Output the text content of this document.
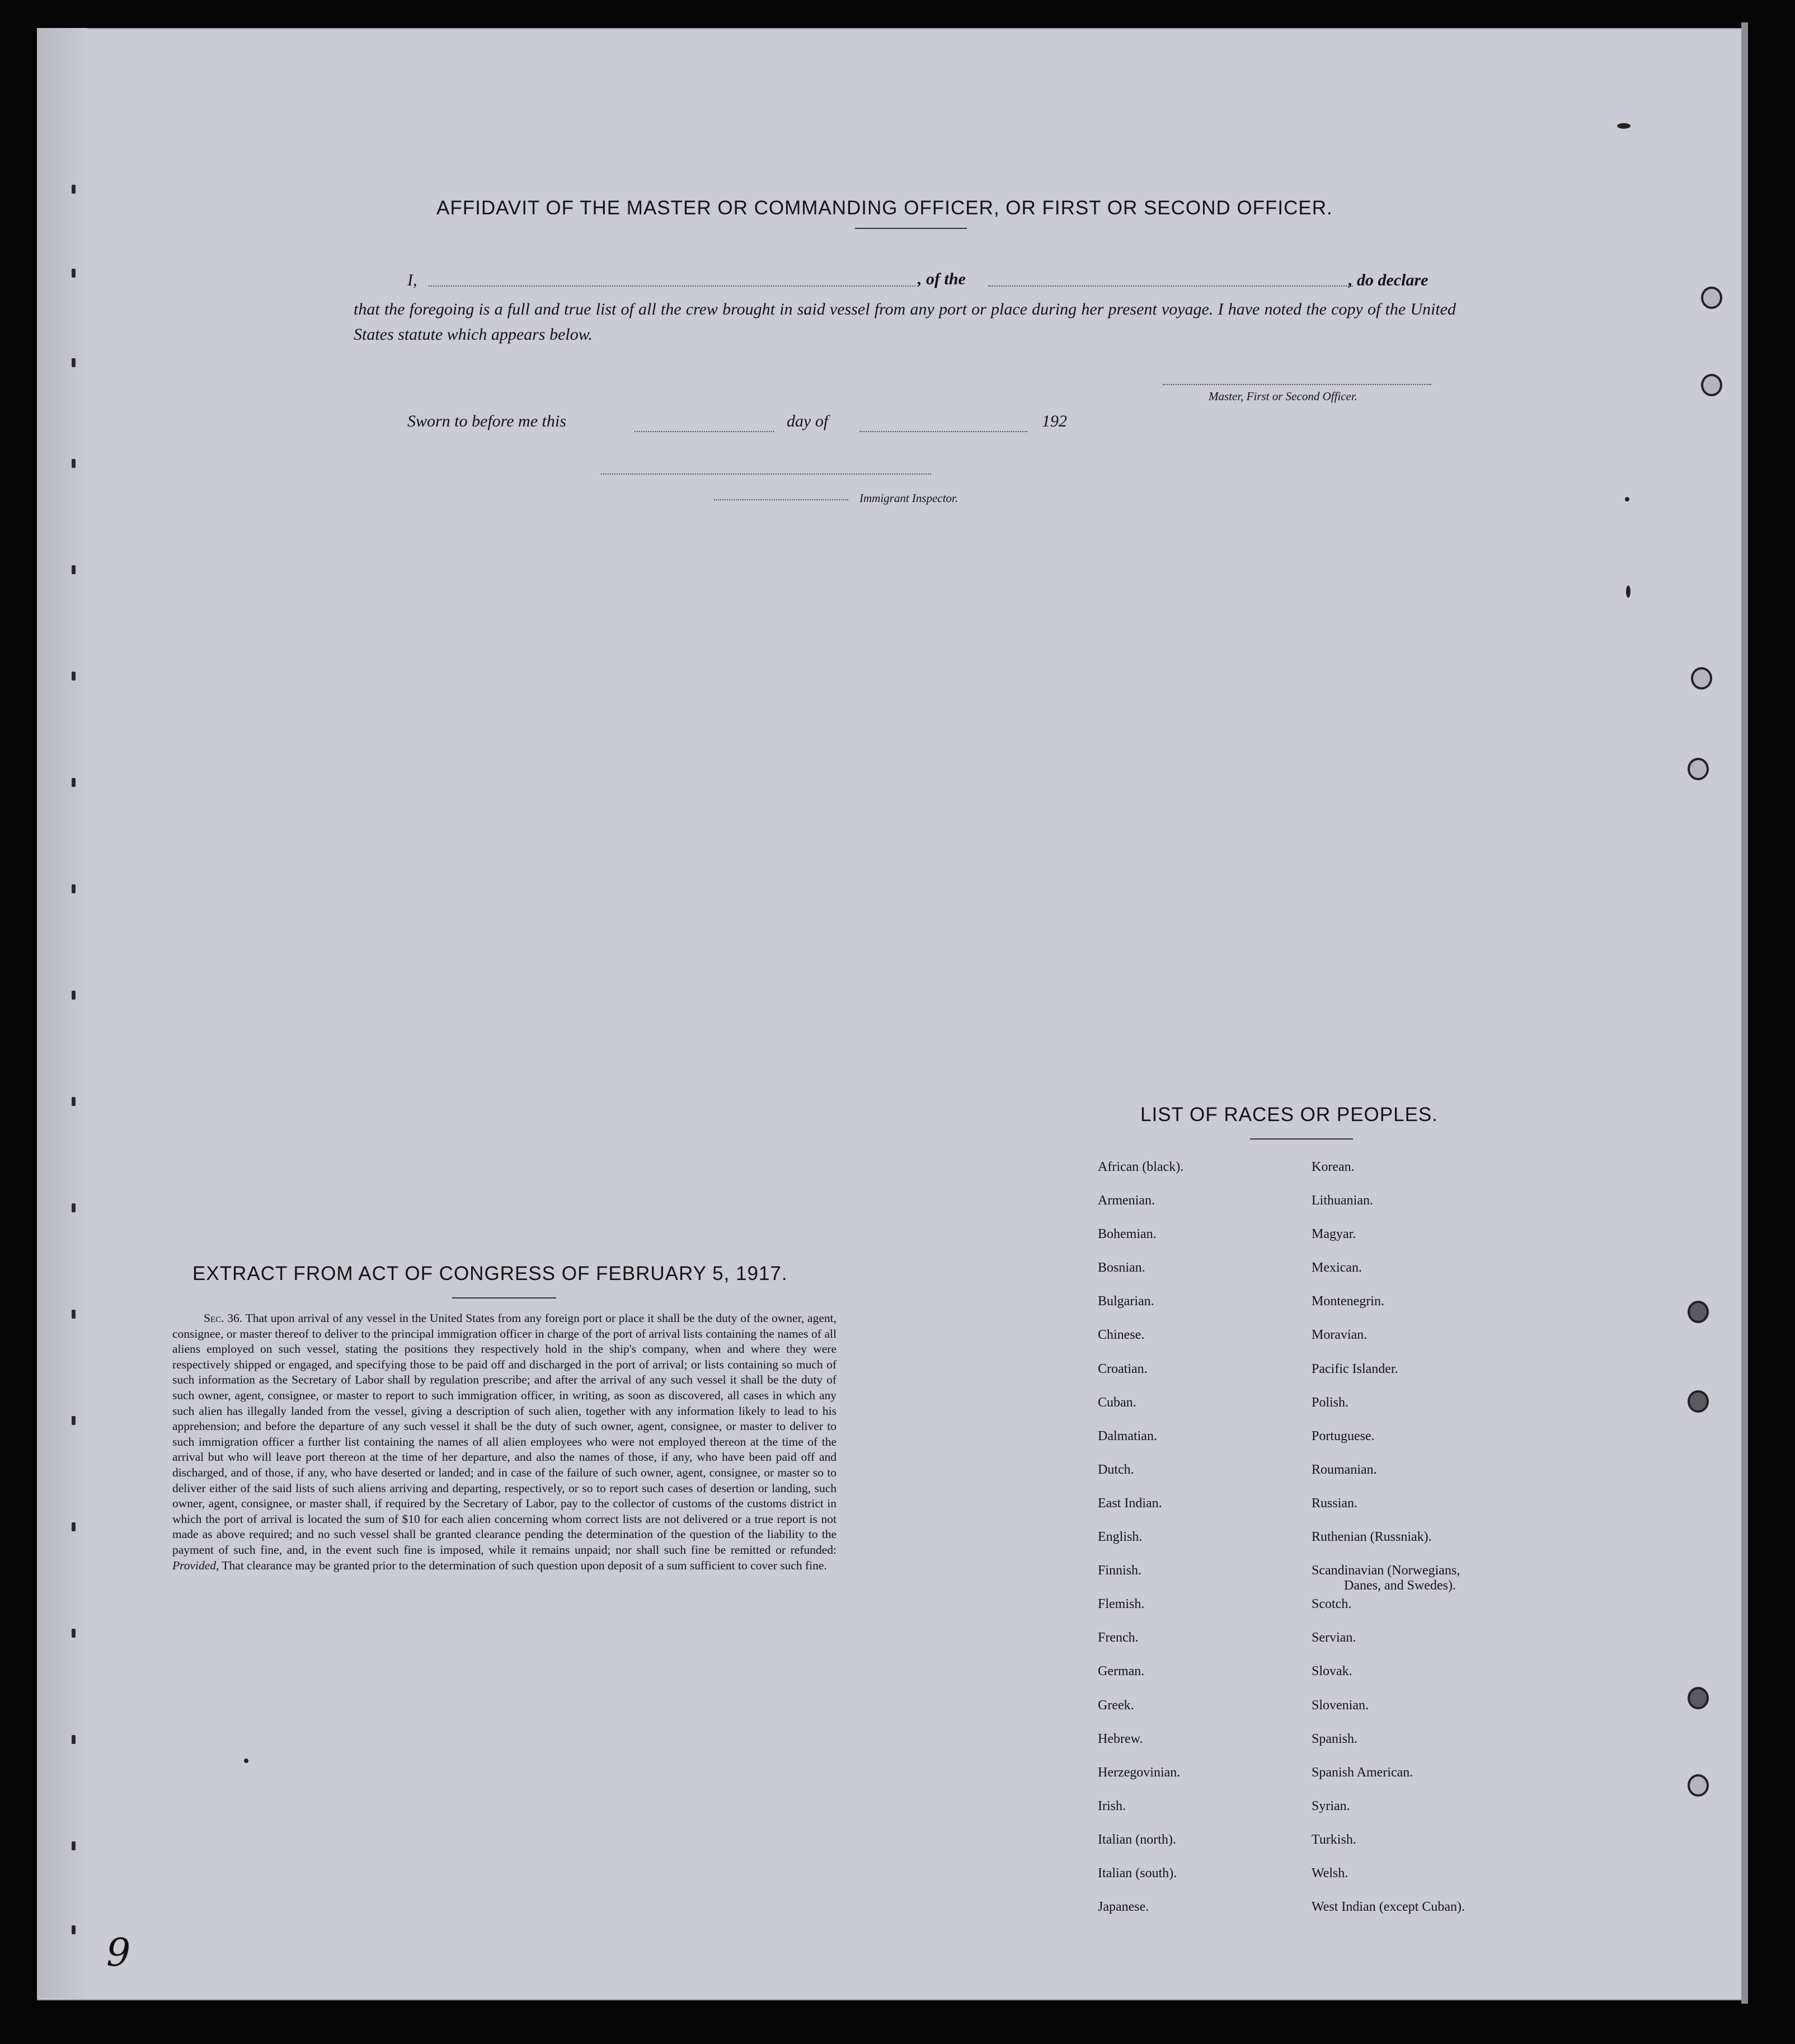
AFFIDAVIT OF THE MASTER OR COMMANDING OFFICER, OR FIRST OR SECOND OFFICER.
I,	, of the	, do declare
that the foregoing is a full and true list of all the crew brought in said vessel from any port or place during her present voyage. I have noted the copy of the United States statute which appears below.
Master, First or Second Officer.
Sworn to before me this	day of	192
Immigrant Inspector.
EXTRACT FROM ACT OF CONGRESS OF FEBRUARY 5, 1917.
Sec. 36. That upon arrival of any vessel in the United States from any foreign port or place it shall be the duty of the owner, agent, consignee, or master thereof to deliver to the principal immigration officer in charge of the port of arrival lists containing the names of all aliens employed on such vessel, stating the positions they respectively hold in the ship's company, when and where they were respectively shipped or engaged, and specifying those to be paid off and discharged in the port of arrival; or lists containing so much of such information as the Secretary of Labor shall by regulation prescribe; and after the arrival of any such vessel it shall be the duty of such owner, agent, consignee, or master to report to such immigration officer, in writing, as soon as discovered, all cases in which any such alien has illegally landed from the vessel, giving a description of such alien, together with any information likely to lead to his apprehension; and before the departure of any such vessel it shall be the duty of such owner, agent, consignee, or master to deliver to such immigration officer a further list containing the names of all alien employees who were not employed thereon at the time of the arrival but who will leave port thereon at the time of her departure, and also the names of those, if any, who have been paid off and discharged, and of those, if any, who have deserted or landed; and in case of the failure of such owner, agent, consignee, or master so to deliver either of the said lists of such aliens arriving and departing, respectively, or so to report such cases of desertion or landing, such owner, agent, consignee, or master shall, if required by the Secretary of Labor, pay to the collector of customs of the customs district in which the port of arrival is located the sum of $10 for each alien concerning whom correct lists are not delivered or a true report is not made as above required; and no such vessel shall be granted clearance pending the determination of the question of the liability to the payment of such fine, and, in the event such fine is imposed, while it remains unpaid; nor shall such fine be remitted or refunded: Provided, That clearance may be granted prior to the determination of such question upon deposit of a sum sufficient to cover such fine.
LIST OF RACES OR PEOPLES.
African (black).
Armenian.
Bohemian.
Bosnian.
Bulgarian.
Chinese.
Croatian.
Cuban.
Dalmatian.
Dutch.
East Indian.
English.
Finnish.
Flemish.
French.
German.
Greek.
Hebrew.
Herzegovinian.
Irish.
Italian (north).
Italian (south).
Japanese.
Korean.
Lithuanian.
Magyar.
Mexican.
Montenegrin.
Moravian.
Pacific Islander.
Polish.
Portuguese.
Roumanian.
Russian.
Ruthenian (Russniak).
Scandinavian (Norwegians,
Danes, and Swedes).
Scotch.
Servian.
Slovak.
Slovenian.
Spanish.
Spanish American.
Syrian.
Turkish.
Welsh.
West Indian (except Cuban).
9
